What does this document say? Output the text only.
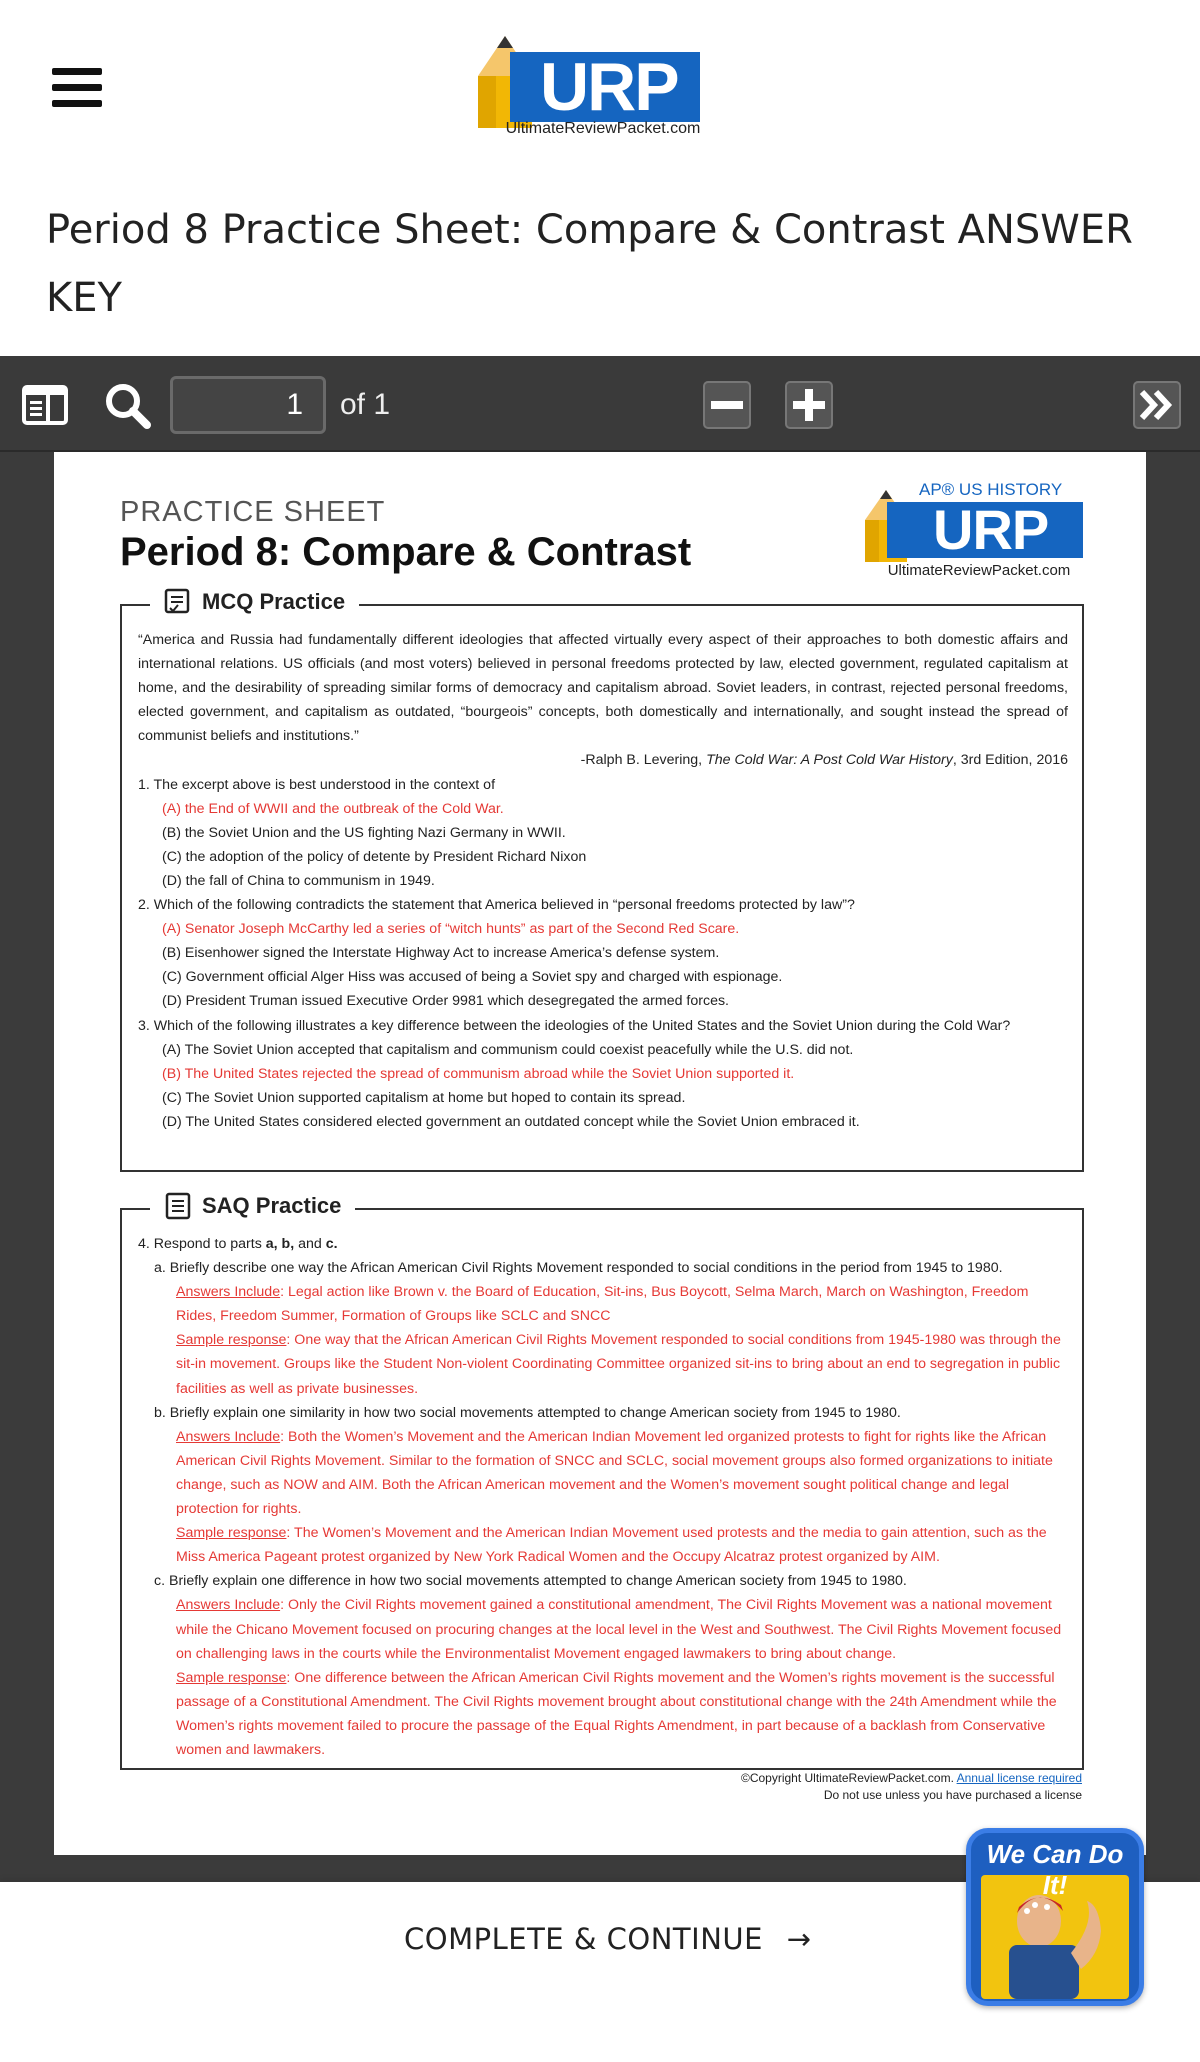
URP
UltimateReviewPacket.com
Period 8 Practice Sheet: Compare & Contrast ANSWER KEY
1	of 1
PRACTICE SHEET
Period 8: Compare & Contrast
AP® US HISTORY
URP
UltimateReviewPacket.com
MCQ Practice

“America and Russia had fundamentally different ideologies that affected virtually every aspect of their approaches to both domestic affairs and international relations. US officials (and most voters) believed in personal freedoms protected by law, elected government, regulated capitalism at home, and the desirability of spreading similar forms of democracy and capitalism abroad. Soviet leaders, in contrast, rejected personal freedoms, elected government, and capitalism as outdated, “bourgeois” concepts, both domestically and internationally, and sought instead the spread of communist beliefs and institutions.”

-Ralph B. Levering, The Cold War: A Post Cold War History, 3rd Edition, 2016

1. The excerpt above is best understood in the context of

(A) the End of WWII and the outbreak of the Cold War.

(B) the Soviet Union and the US fighting Nazi Germany in WWII.

(C) the adoption of the policy of detente by President Richard Nixon

(D) the fall of China to communism in 1949.

2. Which of the following contradicts the statement that America believed in “personal freedoms protected by law”?

(A) Senator Joseph McCarthy led a series of “witch hunts” as part of the Second Red Scare.

(B) Eisenhower signed the Interstate Highway Act to increase America’s defense system.

(C) Government official Alger Hiss was accused of being a Soviet spy and charged with espionage.

(D) President Truman issued Executive Order 9981 which desegregated the armed forces.

3. Which of the following illustrates a key difference between the ideologies of the United States and the Soviet Union during the Cold War?

(A) The Soviet Union accepted that capitalism and communism could coexist peacefully while the U.S. did not.

(B) The United States rejected the spread of communism abroad while the Soviet Union supported it.

(C) The Soviet Union supported capitalism at home but hoped to contain its spread.

(D) The United States considered elected government an outdated concept while the Soviet Union embraced it.

SAQ Practice

4. Respond to parts a, b, and c.

a. Briefly describe one way the African American Civil Rights Movement responded to social conditions in the period from 1945 to 1980.

Answers Include: Legal action like Brown v. the Board of Education, Sit-ins, Bus Boycott, Selma March, March on Washington, Freedom Rides, Freedom Summer, Formation of Groups like SCLC and SNCC

Sample response: One way that the African American Civil Rights Movement responded to social conditions from 1945-1980 was through the sit-in movement. Groups like the Student Non-violent Coordinating Committee organized sit-ins to bring about an end to segregation in public facilities as well as private businesses.

b. Briefly explain one similarity in how two social movements attempted to change American society from 1945 to 1980.

Answers Include: Both the Women’s Movement and the American Indian Movement led organized protests to fight for rights like the African American Civil Rights Movement. Similar to the formation of SNCC and SCLC, social movement groups also formed organizations to initiate change, such as NOW and AIM. Both the African American movement and the Women’s movement sought political change and legal protection for rights.

Sample response: The Women’s Movement and the American Indian Movement used protests and the media to gain attention, such as the Miss America Pageant protest organized by New York Radical Women and the Occupy Alcatraz protest organized by AIM.

c. Briefly explain one difference in how two social movements attempted to change American society from 1945 to 1980.

Answers Include: Only the Civil Rights movement gained a constitutional amendment, The Civil Rights Movement was a national movement while the Chicano Movement focused on procuring changes at the local level in the West and Southwest. The Civil Rights Movement focused on challenging laws in the courts while the Environmentalist Movement engaged lawmakers to bring about change.

Sample response: One difference between the African American Civil Rights movement and the Women’s rights movement is the successful passage of a Constitutional Amendment. The Civil Rights movement brought about constitutional change with the 24th Amendment while the Women’s rights movement failed to procure the passage of the Equal Rights Amendment, in part because of a backlash from Conservative women and lawmakers.

©Copyright UltimateReviewPacket.com. Annual license required
Do not use unless you have purchased a license
COMPLETE & CONTINUE →
We Can Do It!
